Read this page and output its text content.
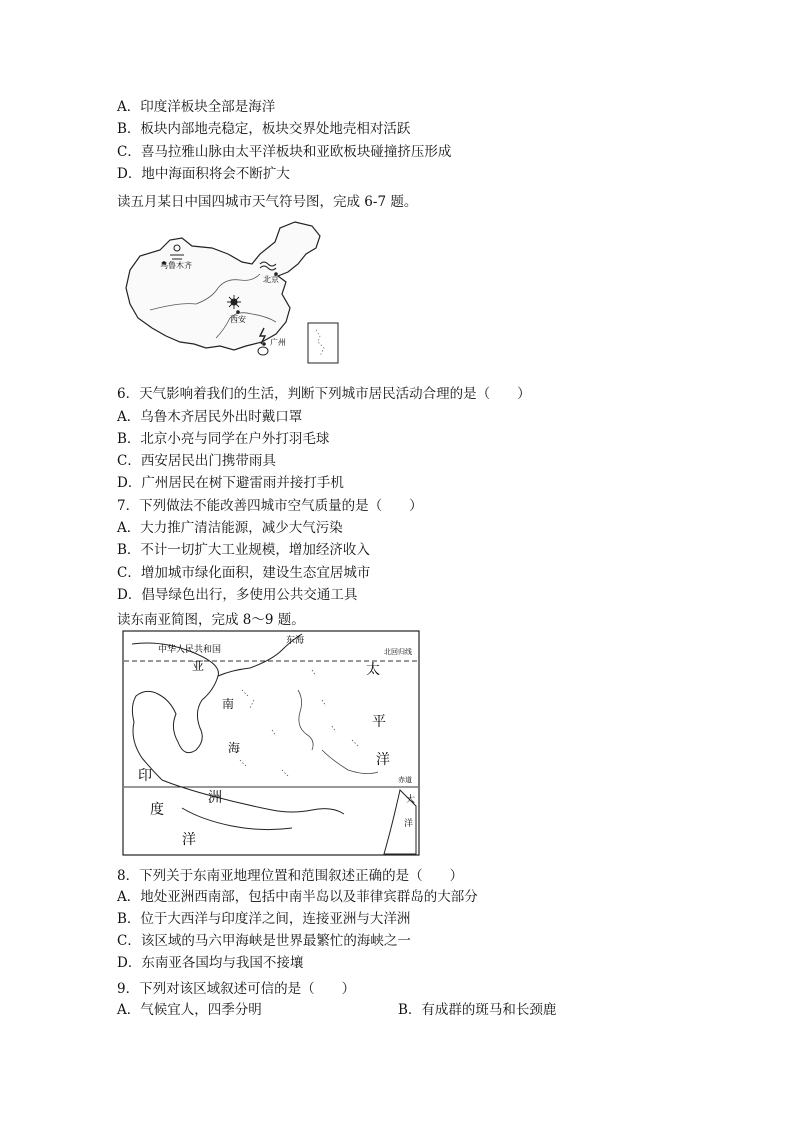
A．印度洋板块全部是海洋
B．板块内部地壳稳定，板块交界处地壳相对活跃
C．喜马拉雅山脉由太平洋板块和亚欧板块碰撞挤压形成
D．地中海面积将会不断扩大
读五月某日中国四城市天气符号图，完成 6-7 题。
乌鲁木齐
北京
西安
广州
6．天气影响着我们的生活，判断下列城市居民活动合理的是（　　）
A．乌鲁木齐居民外出时戴口罩
B．北京小亮与同学在户外打羽毛球
C．西安居民出门携带雨具
D．广州居民在树下避雷雨并接打手机
7．下列做法不能改善四城市空气质量的是（　　）
A．大力推广清洁能源，减少大气污染
B．不计一切扩大工业规模，增加经济收入
C．增加城市绿化面积，建设生态宜居城市
D．倡导绿色出行，多使用公共交通工具
读东南亚简图，完成 8～9 题。
东海
中华人民共和国	北回归线
亚
南
海
太
平
洋
赤道
印
洲
度
洋
大
洋
8．下列关于东南亚地理位置和范围叙述正确的是（　　）
A．地处亚洲西南部，包括中南半岛以及菲律宾群岛的大部分
B．位于大西洋与印度洋之间，连接亚洲与大洋洲
C．该区域的马六甲海峡是世界最繁忙的海峡之一
D．东南亚各国均与我国不接壤
9．下列对该区域叙述可信的是（　　）
A．气候宜人，四季分明	B．有成群的斑马和长颈鹿
